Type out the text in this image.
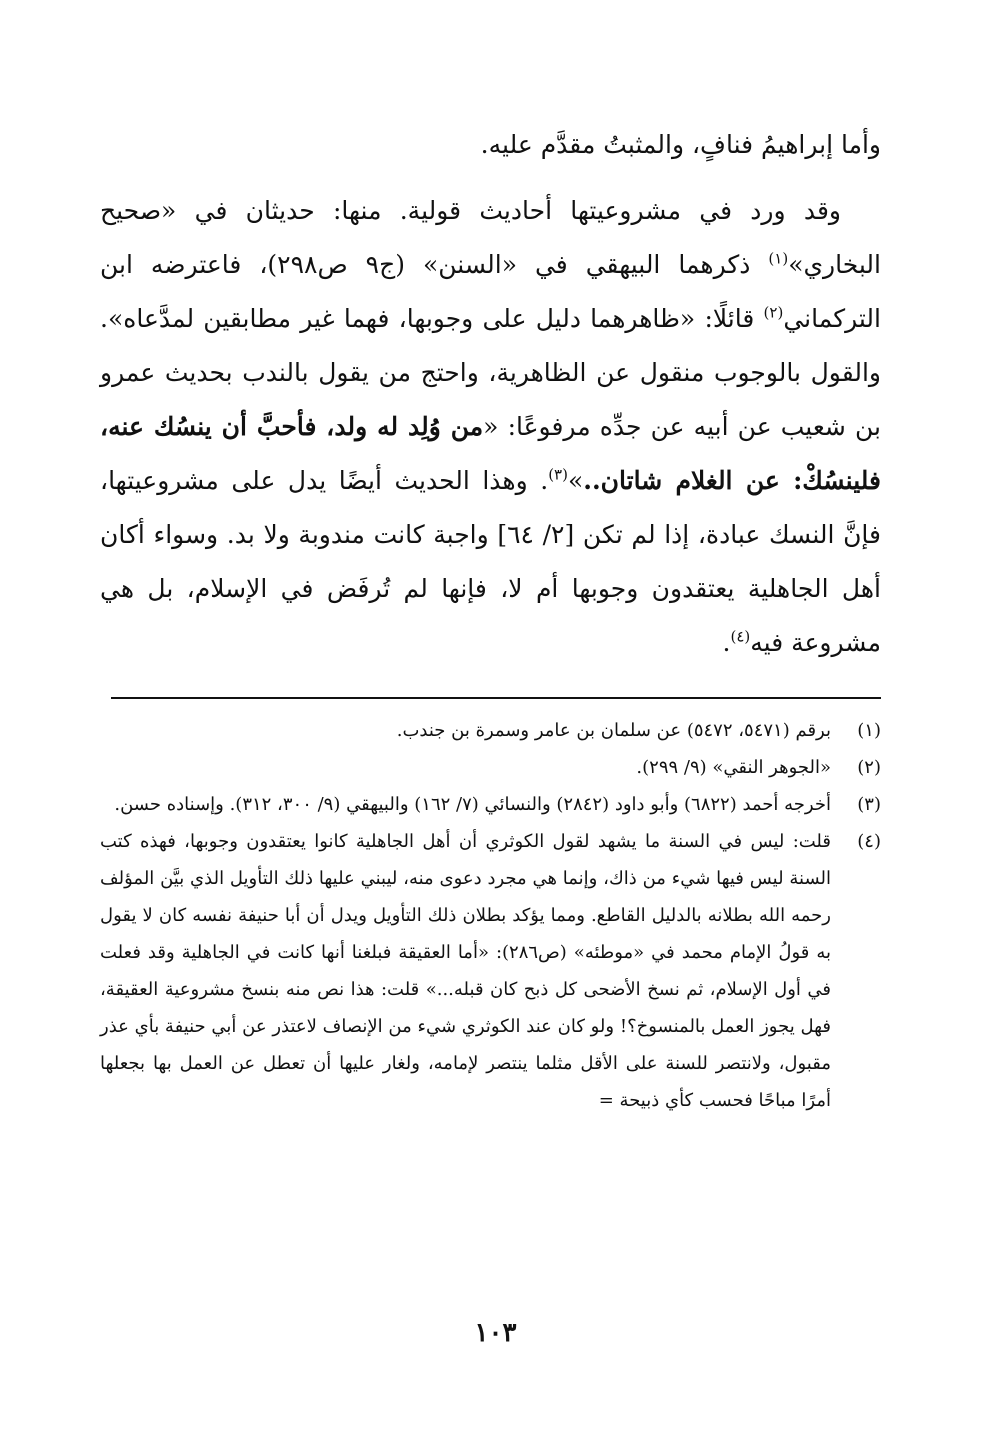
وأما إبراهيمُ فنافٍ، والمثبتُ مقدَّم عليه.

وقد ورد في مشروعيتها أحاديث قولية. منها: حديثان في «صحيح البخاري»$^{(١)}$ ذكرهما البيهقي في «السنن» (ج٩ ص٢٩٨)، فاعترضه ابن التركماني$^{(٢)}$ قائلًا: «ظاهرهما دليل على وجوبها، فهما غير مطابقين لمدَّعاه». والقول بالوجوب منقول عن الظاهرية، واحتج من يقول بالندب بحديث عمرو بن شعيب عن أبيه عن جدِّه مرفوعًا: «من وُلِد له ولد، فأحبَّ أن ينسُك عنه، فلينسُكْ: عن الغلام شاتان..»$^{(٣)}$. وهذا الحديث أيضًا يدل على مشروعيتها، فإنَّ النسك عبادة، إذا لم تكن [٢/ ٦٤] واجبة كانت مندوبة ولا بد. وسواء أكان أهل الجاهلية يعتقدون وجوبها أم لا، فإنها لم تُرفَض في الإسلام، بل هي مشروعة فيه$^{(٤)}$.

(١)
برقم (٥٤٧١، ٥٤٧٢) عن سلمان بن عامر وسمرة بن جندب.
(٢)
«الجوهر النقي» (٩/ ٢٩٩).
(٣)
أخرجه أحمد (٦٨٢٢) وأبو داود (٢٨٤٢) والنسائي (٧/ ١٦٢) والبيهقي (٩/ ٣٠٠، ٣١٢). وإسناده حسن.
(٤)
قلت: ليس في السنة ما يشهد لقول الكوثري أن أهل الجاهلية كانوا يعتقدون وجوبها، فهذه كتب السنة ليس فيها شيء من ذاك، وإنما هي مجرد دعوى منه، ليبني عليها ذلك التأويل الذي بيَّن المؤلف رحمه الله بطلانه بالدليل القاطع. ومما يؤكد بطلان ذلك التأويل ويدل أن أبا حنيفة نفسه كان لا يقول به قولُ الإمام محمد في «موطئه» (ص٢٨٦): «أما العقيقة فبلغنا أنها كانت في الجاهلية وقد فعلت في أول الإسلام، ثم نسخ الأضحى كل ذبح كان قبله...» قلت: هذا نص منه بنسخ مشروعية العقيقة، فهل يجوز العمل بالمنسوخ؟! ولو كان عند الكوثري شيء من الإنصاف لاعتذر عن أبي حنيفة بأي عذر مقبول، ولانتصر للسنة على الأقل مثلما ينتصر لإمامه، ولغار عليها أن تعطل عن العمل بها بجعلها أمرًا مباحًا فحسب كأي ذبيحة =
١٠٣
